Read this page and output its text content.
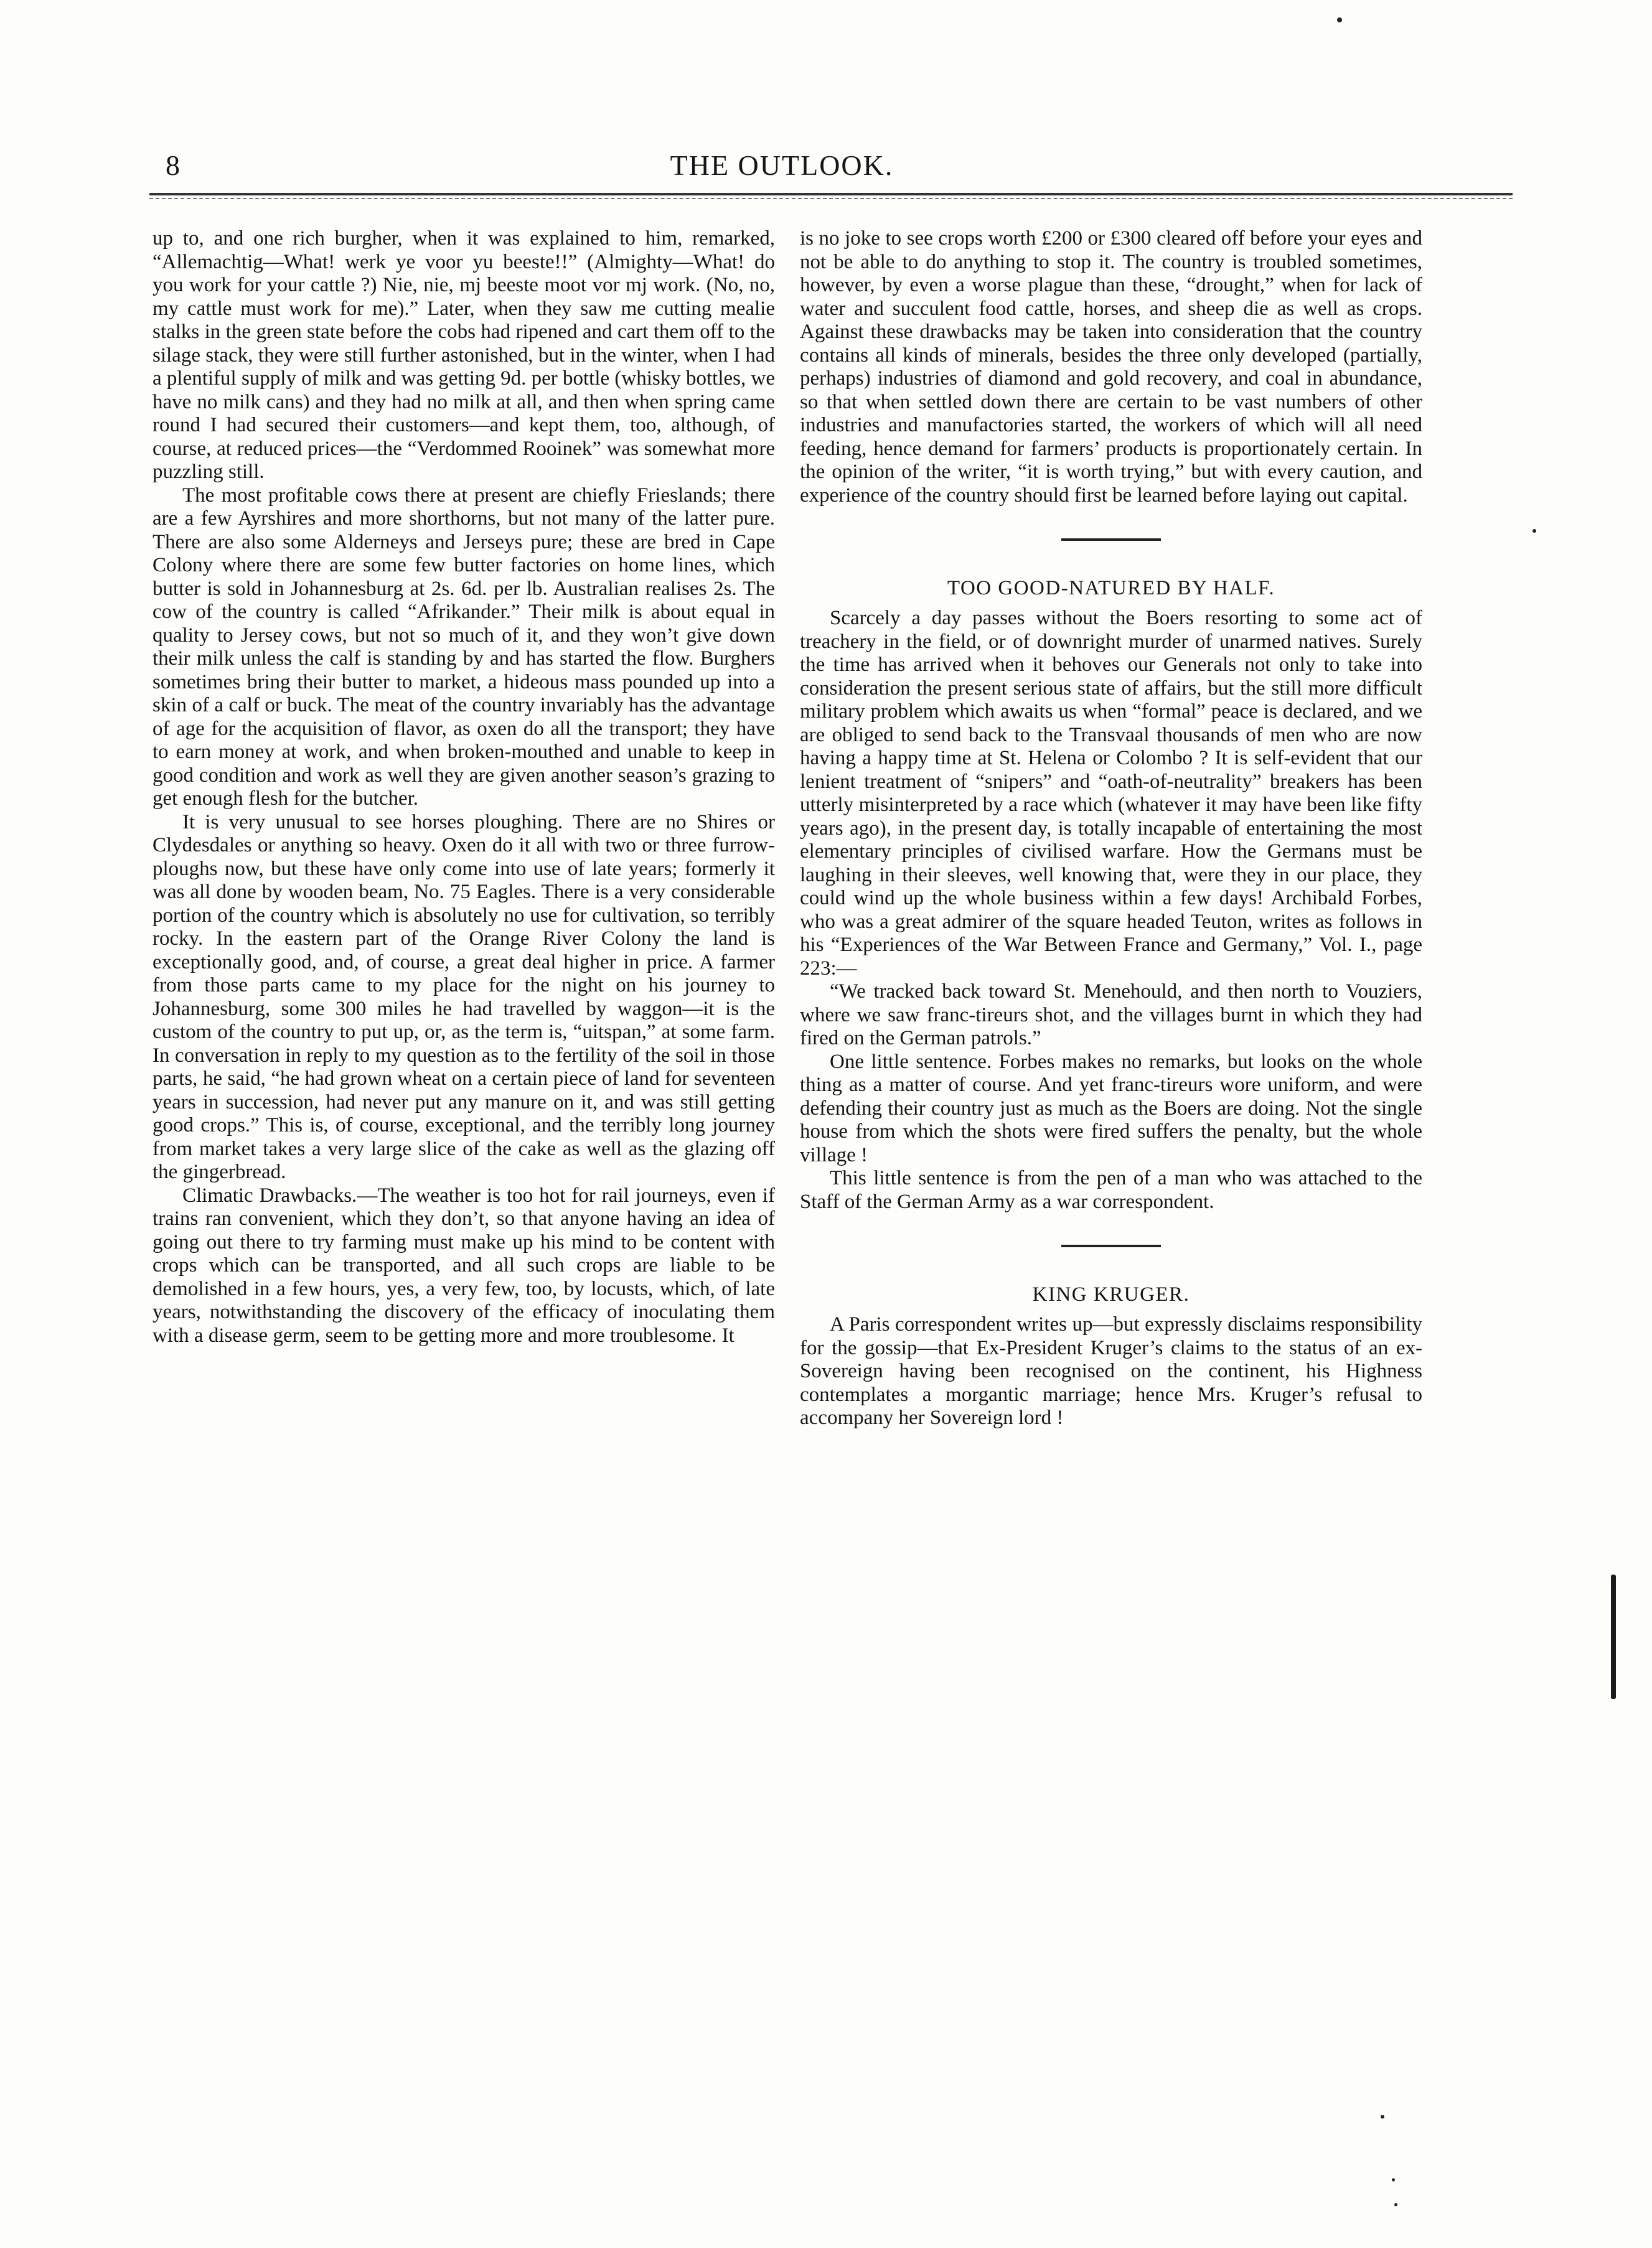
8	THE OUTLOOK.

up to, and one rich burgher, when it was explained to him, remarked, “Allemachtig—What! werk ye voor yu beeste!!” (Almighty—What! do you work for your cattle ?) Nie, nie, mj beeste moot vor mj work. (No, no, my cattle must work for me).” Later, when they saw me cutting mealie stalks in the green state before the cobs had ripened and cart them off to the silage stack, they were still further astonished, but in the winter, when I had a plentiful supply of milk and was getting 9d. per bottle (whisky bottles, we have no milk cans) and they had no milk at all, and then when spring came round I had secured their customers—and kept them, too, although, of course, at reduced prices—the “Verdommed Rooinek” was somewhat more puzzling still.

The most profitable cows there at present are chiefly Frieslands; there are a few Ayrshires and more shorthorns, but not many of the latter pure. There are also some Alderneys and Jerseys pure; these are bred in Cape Colony where there are some few butter factories on home lines, which butter is sold in Johannesburg at 2s. 6d. per lb. Australian realises 2s. The cow of the country is called “Afrikander.” Their milk is about equal in quality to Jersey cows, but not so much of it, and they won’t give down their milk unless the calf is standing by and has started the flow. Burghers sometimes bring their butter to market, a hideous mass pounded up into a skin of a calf or buck. The meat of the country invariably has the advantage of age for the acquisition of flavor, as oxen do all the transport; they have to earn money at work, and when broken-mouthed and unable to keep in good condition and work as well they are given another season’s grazing to get enough flesh for the butcher.

It is very unusual to see horses ploughing. There are no Shires or Clydesdales or anything so heavy. Oxen do it all with two or three furrow-ploughs now, but these have only come into use of late years; formerly it was all done by wooden beam, No. 75 Eagles. There is a very considerable portion of the country which is absolutely no use for cultivation, so terribly rocky. In the eastern part of the Orange River Colony the land is exceptionally good, and, of course, a great deal higher in price. A farmer from those parts came to my place for the night on his journey to Johannesburg, some 300 miles he had travelled by waggon—it is the custom of the country to put up, or, as the term is, “uitspan,” at some farm. In conversation in reply to my question as to the fertility of the soil in those parts, he said, “he had grown wheat on a certain piece of land for seventeen years in succession, had never put any manure on it, and was still getting good crops.” This is, of course, exceptional, and the terribly long journey from market takes a very large slice of the cake as well as the glazing off the gingerbread.

Climatic Drawbacks.—The weather is too hot for rail journeys, even if trains ran convenient, which they don’t, so that anyone having an idea of going out there to try farming must make up his mind to be content with crops which can be transported, and all such crops are liable to be demolished in a few hours, yes, a very few, too, by locusts, which, of late years, notwithstanding the discovery of the efficacy of inoculating them with a disease germ, seem to be getting more and more troublesome. It

is no joke to see crops worth £200 or £300 cleared off before your eyes and not be able to do anything to stop it. The country is troubled sometimes, however, by even a worse plague than these, “drought,” when for lack of water and succulent food cattle, horses, and sheep die as well as crops. Against these drawbacks may be taken into consideration that the country contains all kinds of minerals, besides the three only developed (partially, perhaps) industries of diamond and gold recovery, and coal in abundance, so that when settled down there are certain to be vast numbers of other industries and manufactories started, the workers of which will all need feeding, hence demand for farmers’ products is proportionately certain. In the opinion of the writer, “it is worth trying,” but with every caution, and experience of the country should first be learned before laying out capital.

TOO GOOD-NATURED BY HALF.

Scarcely a day passes without the Boers resorting to some act of treachery in the field, or of downright murder of unarmed natives. Surely the time has arrived when it behoves our Generals not only to take into consideration the present serious state of affairs, but the still more difficult military problem which awaits us when “formal” peace is declared, and we are obliged to send back to the Transvaal thousands of men who are now having a happy time at St. Helena or Colombo ? It is self-evident that our lenient treatment of “snipers” and “oath-of-neutrality” breakers has been utterly misinterpreted by a race which (whatever it may have been like fifty years ago), in the present day, is totally incapable of entertaining the most elementary principles of civilised warfare. How the Germans must be laughing in their sleeves, well knowing that, were they in our place, they could wind up the whole business within a few days! Archibald Forbes, who was a great admirer of the square headed Teuton, writes as follows in his “Experiences of the War Between France and Germany,” Vol. I., page 223:—

“We tracked back toward St. Menehould, and then north to Vouziers, where we saw franc-tireurs shot, and the villages burnt in which they had fired on the German patrols.”

One little sentence. Forbes makes no remarks, but looks on the whole thing as a matter of course. And yet franc-tireurs wore uniform, and were defending their country just as much as the Boers are doing. Not the single house from which the shots were fired suffers the penalty, but the whole village !

This little sentence is from the pen of a man who was attached to the Staff of the German Army as a war correspondent.

KING KRUGER.

A Paris correspondent writes up—but expressly disclaims responsibility for the gossip—that Ex-President Kruger’s claims to the status of an ex-Sovereign having been recognised on the continent, his Highness contemplates a morgantic marriage; hence Mrs. Kruger’s refusal to accompany her Sovereign lord !
